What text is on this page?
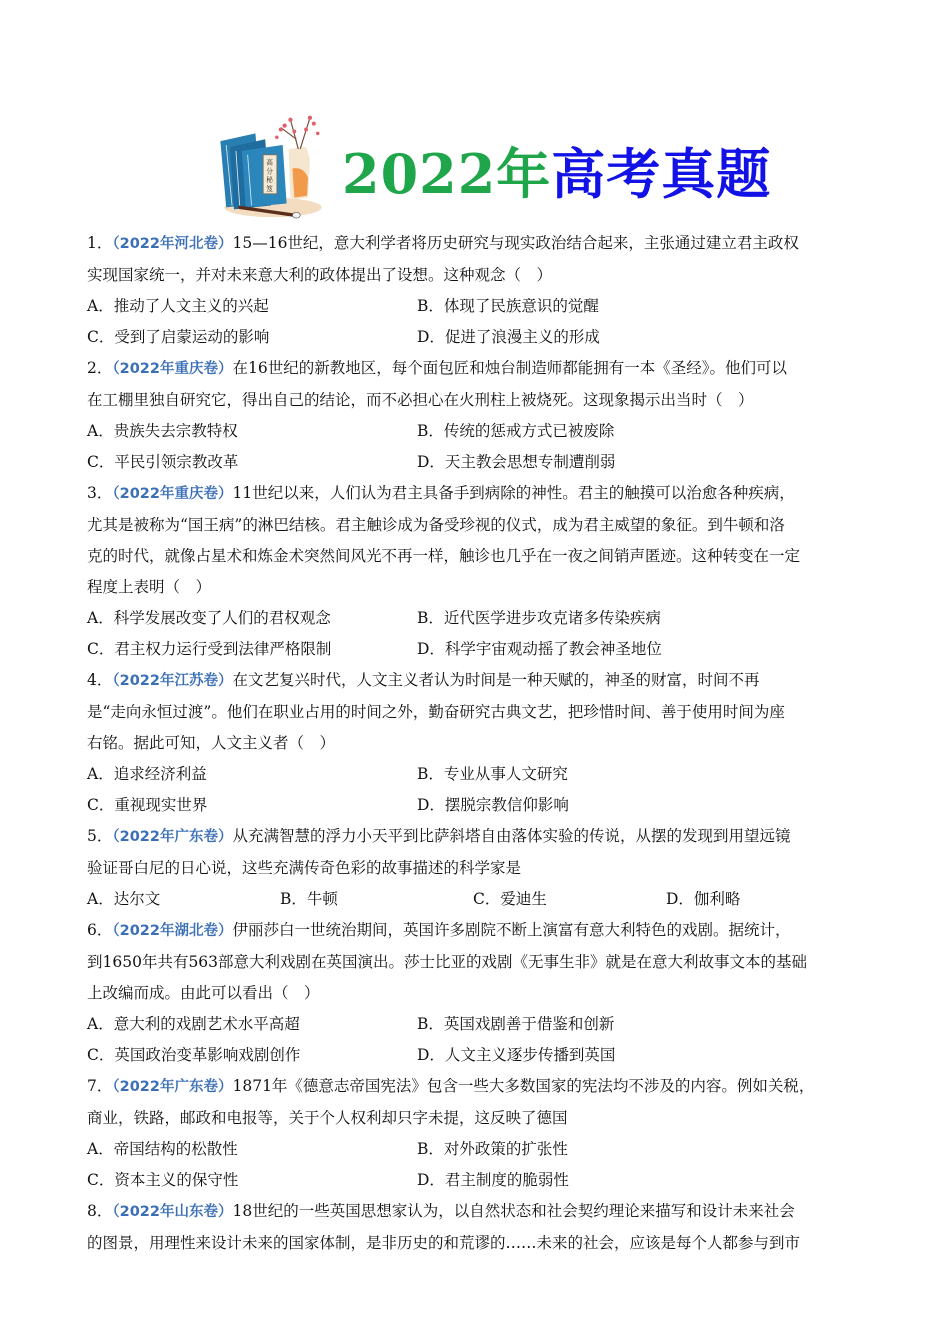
高
分
秘
笈 2022年高考真题
1．（2022年河北卷）15—16世纪，意大利学者将历史研究与现实政治结合起来，主张通过建立君主政权
实现国家统一，并对未来意大利的政体提出了设想。这种观念（　）
A．推动了人文主义的兴起	B．体现了民族意识的觉醒
C．受到了启蒙运动的影响	D．促进了浪漫主义的形成
2．（2022年重庆卷）在16世纪的新教地区，每个面包匠和烛台制造师都能拥有一本《圣经》。他们可以
在工棚里独自研究它，得出自己的结论，而不必担心在火刑柱上被烧死。这现象揭示出当时（　）
A．贵族失去宗教特权	B．传统的惩戒方式已被废除
C．平民引领宗教改革	D．天主教会思想专制遭削弱
3．（2022年重庆卷）11世纪以来，人们认为君主具备手到病除的神性。君主的触摸可以治愈各种疾病，
尤其是被称为“国王病”的淋巴结核。君主触诊成为备受珍视的仪式，成为君主威望的象征。到牛顿和洛
克的时代，就像占星术和炼金术突然间风光不再一样，触诊也几乎在一夜之间销声匿迹。这种转变在一定
程度上表明（　）
A．科学发展改变了人们的君权观念	B．近代医学进步攻克诸多传染疾病
C．君主权力运行受到法律严格限制	D．科学宇宙观动摇了教会神圣地位
4．（2022年江苏卷）在文艺复兴时代，人文主义者认为时间是一种天赋的，神圣的财富，时间不再
是“走向永恒过渡”。他们在职业占用的时间之外，勤奋研究古典文艺，把珍惜时间、善于使用时间为座
右铭。据此可知，人文主义者（　）
A．追求经济利益	B．专业从事人文研究
C．重视现实世界	D．摆脱宗教信仰影响
5．（2022年广东卷）从充满智慧的浮力小天平到比萨斜塔自由落体实验的传说，从摆的发现到用望远镜
验证哥白尼的日心说，这些充满传奇色彩的故事描述的科学家是
A．达尔文	B．牛顿	C．爱迪生	D．伽利略
6．（2022年湖北卷）伊丽莎白一世统治期间，英国许多剧院不断上演富有意大利特色的戏剧。据统计，
到1650年共有563部意大利戏剧在英国演出。莎士比亚的戏剧《无事生非》就是在意大利故事文本的基础
上改编而成。由此可以看出（　）
A．意大利的戏剧艺术水平高超	B．英国戏剧善于借鉴和创新
C．英国政治变革影响戏剧创作	D．人文主义逐步传播到英国
7．（2022年广东卷）1871年《德意志帝国宪法》包含一些大多数国家的宪法均不涉及的内容。例如关税，
商业，铁路，邮政和电报等，关于个人权利却只字未提，这反映了德国
A．帝国结构的松散性	B．对外政策的扩张性
C．资本主义的保守性	D．君主制度的脆弱性
8．（2022年山东卷）18世纪的一些英国思想家认为，以自然状态和社会契约理论来描写和设计未来社会
的图景，用理性来设计未来的国家体制，是非历史的和荒谬的……未来的社会，应该是每个人都参与到市
